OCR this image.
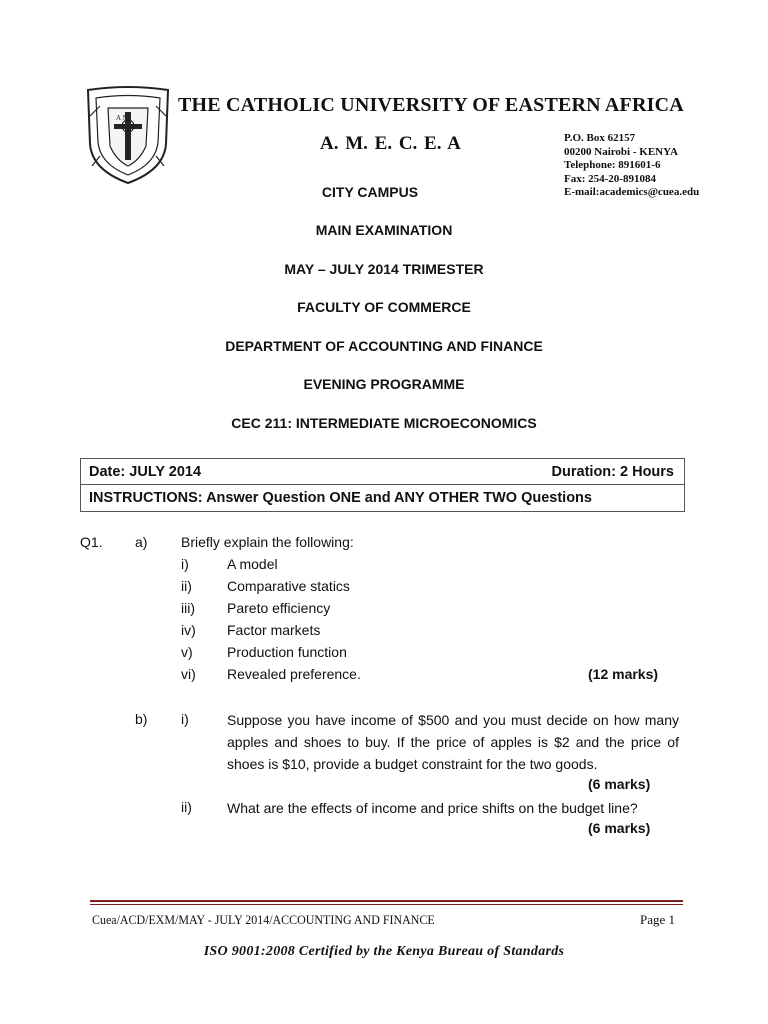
A N
THE CATHOLIC UNIVERSITY OF EASTERN AFRICA
A. M. E. C. E. A	P.O. Box 62157
00200 Nairobi - KENYA
Telephone: 891601-6
Fax: 254-20-891084
E-mail:academics@cuea.edu
CITY CAMPUS
MAIN EXAMINATION
MAY – JULY 2014 TRIMESTER
FACULTY OF COMMERCE
DEPARTMENT OF ACCOUNTING AND FINANCE
EVENING PROGRAMME
CEC 211: INTERMEDIATE MICROECONOMICS
Date: JULY 2014	Duration: 2 Hours
INSTRUCTIONS: Answer Question ONE and ANY OTHER TWO Questions
Q1. a) Briefly explain the following:
i)	A model
ii)	Comparative statics
iii) Pareto efficiency
iv) Factor markets
v) Production function
vi) Revealed preference.	(12 marks)
b) i)	Suppose you have income of $500 and you must decide on how many apples and shoes to buy. If the price of apples is $2 and the price of shoes is $10, provide a budget constraint for the two goods.
(6 marks)
ii)	What are the effects of income and price shifts on the budget line?
(6 marks)
Cuea/ACD/EXM/MAY - JULY 2014/ACCOUNTING AND FINANCE	Page 1
ISO 9001:2008 Certified by the Kenya Bureau of Standards
